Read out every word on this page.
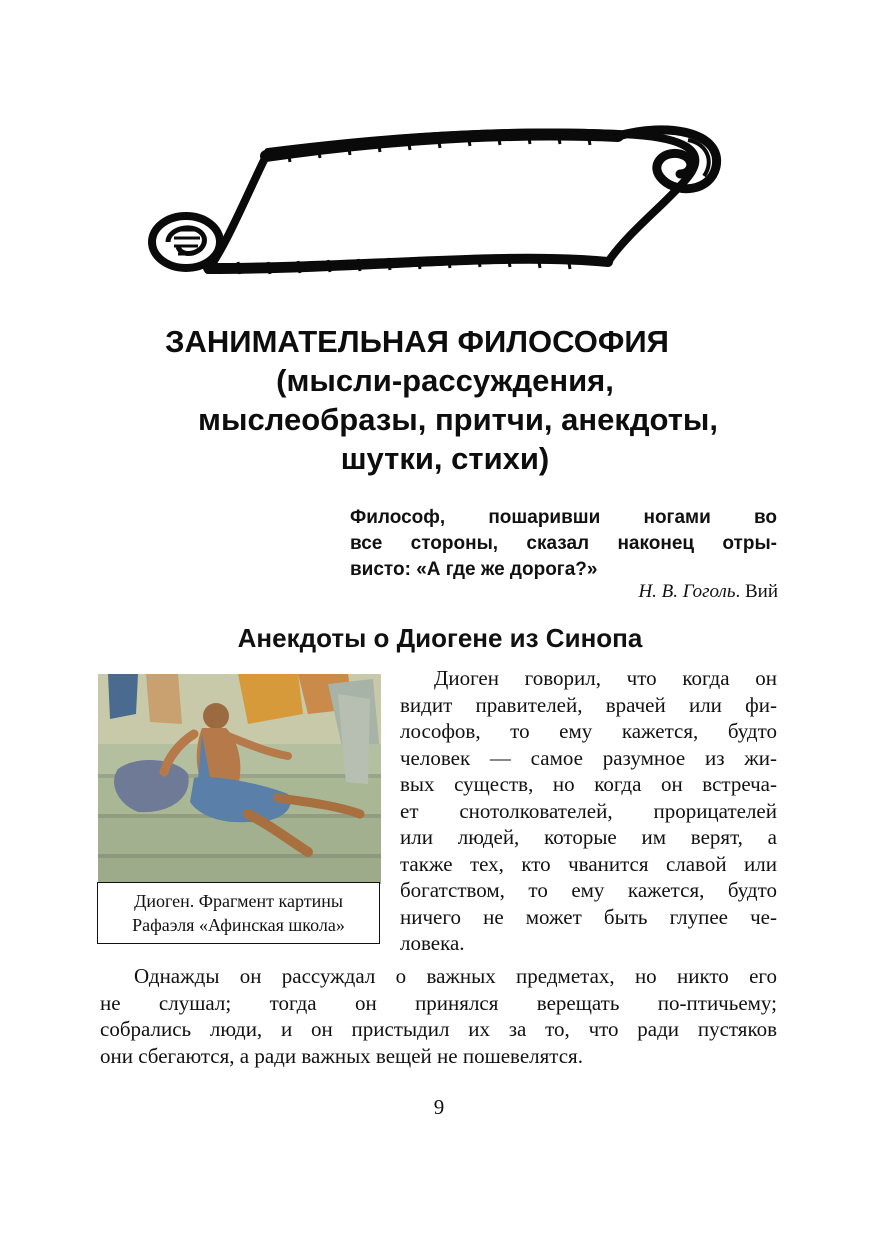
ЗАНИМАТЕЛЬНАЯ ФИЛОСОФИЯ
(мысли-рассуждения,
мыслеобразы, притчи, анекдоты,
шутки, стихи)
Философ, пошаривши ногами во
все стороны, сказал наконец отры-
висто: «А где же дорога?»
Н. В. Гоголь. Вий
Анекдоты о Диогене из Синопа
Диоген. Фрагмент картины
Рафаэля «Афинская школа»
Диоген говорил, что когда он
видит правителей, врачей или фи-
лософов, то ему кажется, будто
человек — самое разумное из жи-
вых существ, но когда он встреча-
ет снотолкователей, прорицателей
или людей, которые им верят, а
также тех, кто чванится славой или
богатством, то ему кажется, будто
ничего не может быть глупее че-
ловека.
Однажды он рассуждал о важных предметах, но никто его
не слушал; тогда он принялся верещать по-птичьему;
собрались люди, и он пристыдил их за то, что ради пустяков
они сбегаются, а ради важных вещей не пошевелятся.
9
